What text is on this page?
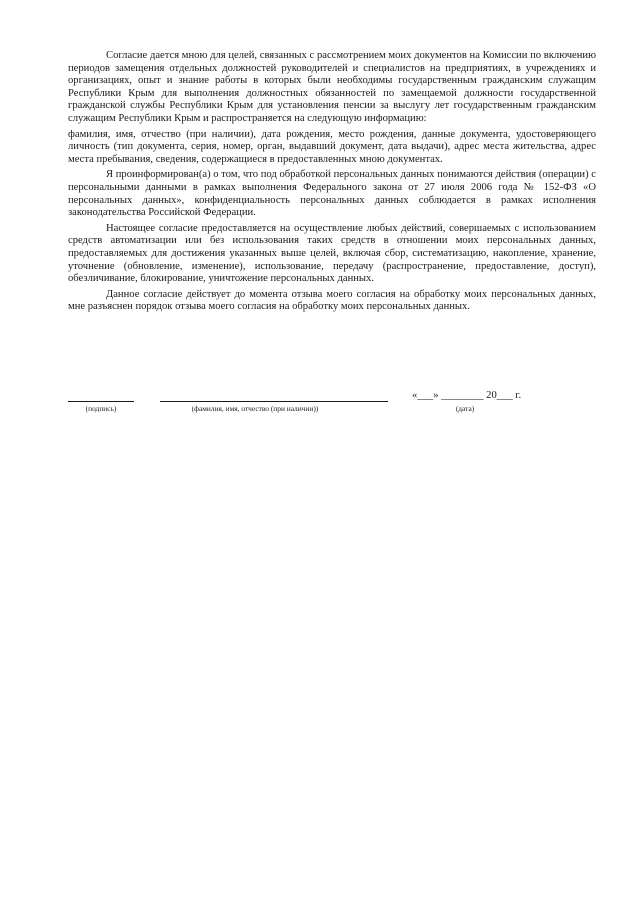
Согласие дается мною для целей, связанных с рассмотрением моих документов на Комиссии по включению периодов замещения отдельных должностей руководителей и специалистов на предприятиях, в учреждениях и организациях, опыт и знание работы в которых были необходимы государственным гражданским служащим Республики Крым для выполнения должностных обязанностей по замещаемой должности государственной гражданской службы Республики Крым для установления пенсии за выслугу лет государственным гражданским служащим Республики Крым и распространяется на следующую информацию:

фамилия, имя, отчество (при наличии), дата рождения, место рождения, данные документа, удостоверяющего личность (тип документа, серия, номер, орган, выдавший документ, дата выдачи), адрес места жительства, адрес места пребывания, сведения, содержащиеся в предоставленных мною документах.

Я проинформирован(а) о том, что под обработкой персональных данных понимаются действия (операции) с персональными данными в рамках выполнения Федерального закона от 27 июля 2006 года № 152-ФЗ «О персональных данных», конфиденциальность персональных данных соблюдается в рамках исполнения законодательства Российской Федерации.

Настоящее согласие предоставляется на осуществление любых действий, совершаемых с использованием средств автоматизации или без использования таких средств в отношении моих персональных данных, предоставляемых для достижения указанных выше целей, включая сбор, систематизацию, накопление, хранение, уточнение (обновление, изменение), использование, передачу (распространение, предоставление, доступ), обезличивание, блокирование, уничтожение персональных данных.

Данное согласие действует до момента отзыва моего согласия на обработку моих персональных данных, мне разъяснен порядок отзыва моего согласия на обработку моих персональных данных.

(подпись)	(фамилия, имя, отчество (при наличии))
«___» ________ 20___ г.
(дата)
